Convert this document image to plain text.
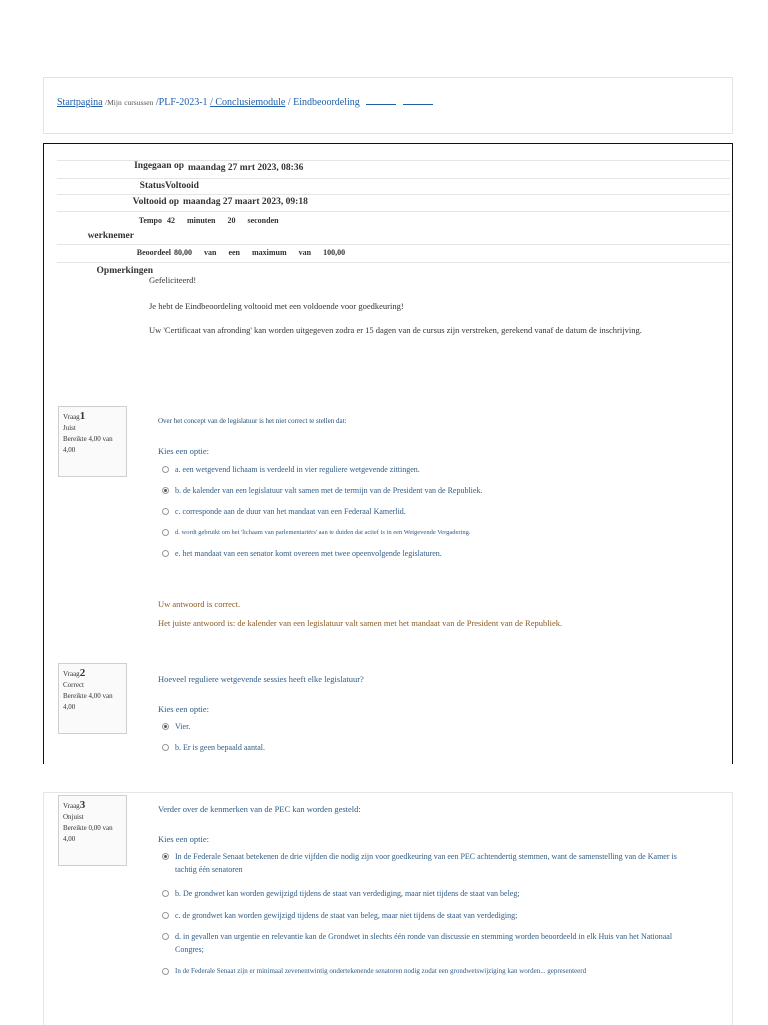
Startpagina /Mijn cursussen /PLF-2023-1 / Conclusiemodule / Eindbeoordeling
Ingegaan op maandag 27 mrt 2023, 08:36
Status Voltooid
Voltooid op maandag 27 maart 2023, 09:18
Tempo
werknemer
42 minuten 20 seconden
Beoordeel 80,00 van een maximum van 100,00
Opmerkingen
Gefeliciteerd!
Je hebt de Eindbeoordeling voltooid met een voldoende voor goedkeuring!
Uw 'Certificaat van afronding' kan worden uitgegeven zodra er 15 dagen van de cursus zijn verstreken, gerekend vanaf de datum de inschrijving.
Vraag1
Juist
Bereikte 4,00 van 4,00
Over het concept van de legislatuur is het niet correct te stellen dat:
Kies een optie:
a. een wetgevend lichaam is verdeeld in vier reguliere wetgevende zittingen.
b. de kalender van een legislatuur valt samen met de termijn van de President van de Republiek.
c. corresponde aan de duur van het mandaat van een Federaal Kamerlid.
d. wordt gebruikt om het 'lichaam van parlementariërs' aan te duiden dat actief is in een Wetgevende Vergadering.
e. het mandaat van een senator komt overeen met twee opeenvolgende legislaturen.
Uw antwoord is correct.
Het juiste antwoord is: de kalender van een legislatuur valt samen met het mandaat van de President van de Republiek.
Vraag2
Correct
Bereikte 4,00 van 4,00
Hoeveel reguliere wetgevende sessies heeft elke legislatuur?
Kies een optie:
Vier.
b. Er is geen bepaald aantal.
Vraag3
Onjuist
Bereikte 0,00 van 4,00
Verder over de kenmerken van de PEC kan worden gesteld:
Kies een optie:
In de Federale Senaat betekenen de drie vijfden die nodig zijn voor goedkeuring van een PEC achtendertig stemmen, want de samenstelling van de Kamer is tachtig één senatoren
b. De grondwet kan worden gewijzigd tijdens de staat van verdediging, maar niet tijdens de staat van beleg;
c. de grondwet kan worden gewijzigd tijdens de staat van beleg, maar niet tijdens de staat van verdediging;
d. in gevallen van urgentie en relevantie kan de Grondwet in slechts één ronde van discussie en stemming worden beoordeeld in elk Huis van het Nationaal Congres;
In de Federale Senaat zijn er minimaal zevenentwintig ondertekenende senatoren nodig zodat een grondwetswijziging kan worden... gepresenteerd
